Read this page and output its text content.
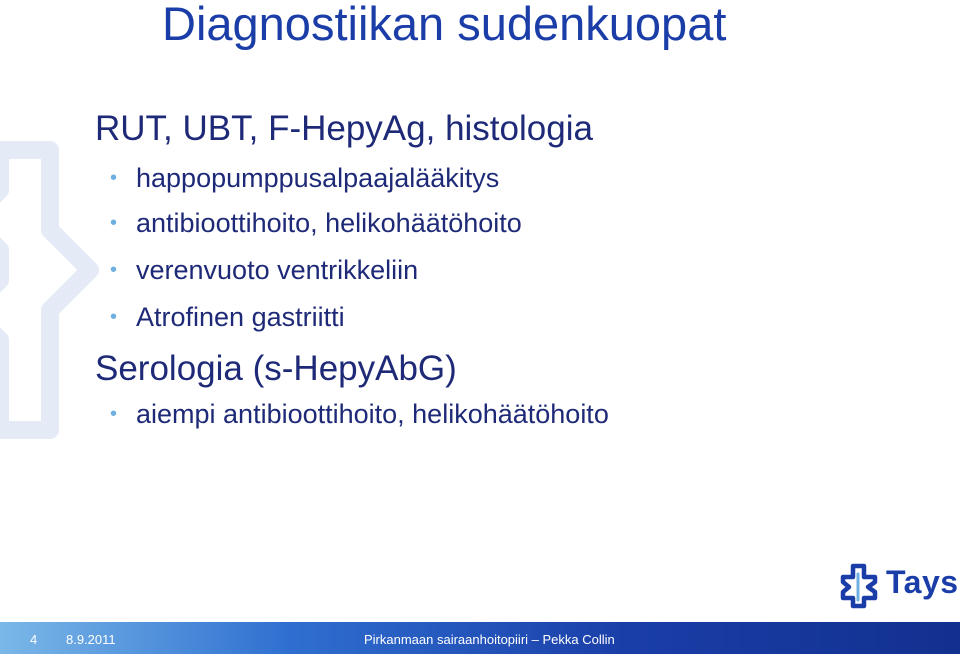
Diagnostiikan sudenkuopat
RUT, UBT, F-HepyAg, histologia
• happopumppusalpaajalääkitys
• antibioottihoito, helikohäätöhoito
• verenvuoto ventrikkeliin
• Atrofinen gastriitti
Serologia (s-HepyAbG)
• aiempi antibioottihoito, helikohäätöhoito
Tays
4 8.9.2011	Pirkanmaan sairaanhoitopiiri – Pekka Collin
